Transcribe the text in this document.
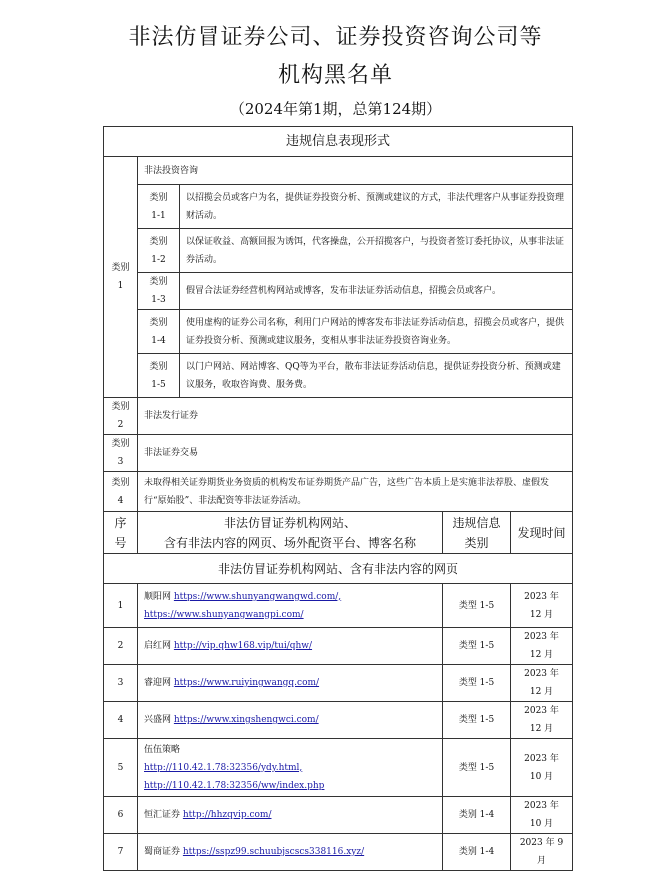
非法仿冒证券公司、证券投资咨询公司等
机构黑名单
（2024年第1期，总第124期）
违规信息表现形式				
类别 1	非法投资咨询			
	类别 1-1	以招揽会员或客户为名，提供证券投资分析、预测或建议的方式，非法代理客户从事证券投资理财活动。		
	类别 1-2	以保证收益、高额回报为诱饵，代客操盘，公开招揽客户，与投资者签订委托协议，从事非法证券活动。		
	类别 1-3	假冒合法证券经营机构网站或博客，发布非法证券活动信息，招揽会员或客户。		
	类别 1-4	使用虚构的证券公司名称，利用门户网站的博客发布非法证券活动信息，招揽会员或客户，提供证券投资分析、预测或建议服务，变相从事非法证券投资咨询业务。		
	类别 1-5	以门户网站、网站博客、QQ等为平台，散布非法证券活动信息，提供证券投资分析、预测或建议服务，收取咨询费、服务费。		
类别 2	非法发行证券			
类别 3	非法证券交易			
类别 4	未取得相关证券期货业务资质的机构发布证券期货产品广告，这些广告本质上是实施非法荐股、虚假发行“原始股”、非法配资等非法证券活动。			
序号	非法仿冒证券机构网站、
含有非法内容的网页、场外配资平台、博客名称		违规信息类别	发现时间
非法仿冒证券机构网站、含有非法内容的网页				
1	顺阳网 https://www.shunyangwangwd.com/,
https://www.shunyangwangpi.com/		类型 1-5	2023 年 12 月
2	启红网 http://vip.qhw168.vip/tui/qhw/		类型 1-5	2023 年 12 月
3	睿迎网 https://www.ruiyingwangq.com/		类型 1-5	2023 年 12 月
4	兴盛网 https://www.xingshengwci.com/		类型 1-5	2023 年 12 月
5	伍伍策略
http://110.42.1.78:32356/ydy.html,
http://110.42.1.78:32356/ww/index.php		类型 1-5	2023 年 10 月
6	恒汇证券 http://hhzqvip.com/		类别 1-4	2023 年 10 月
7	蜀商证券 https://sspz99.schuubjscscs338116.xyz/		类别 1-4	2023 年 9 月
